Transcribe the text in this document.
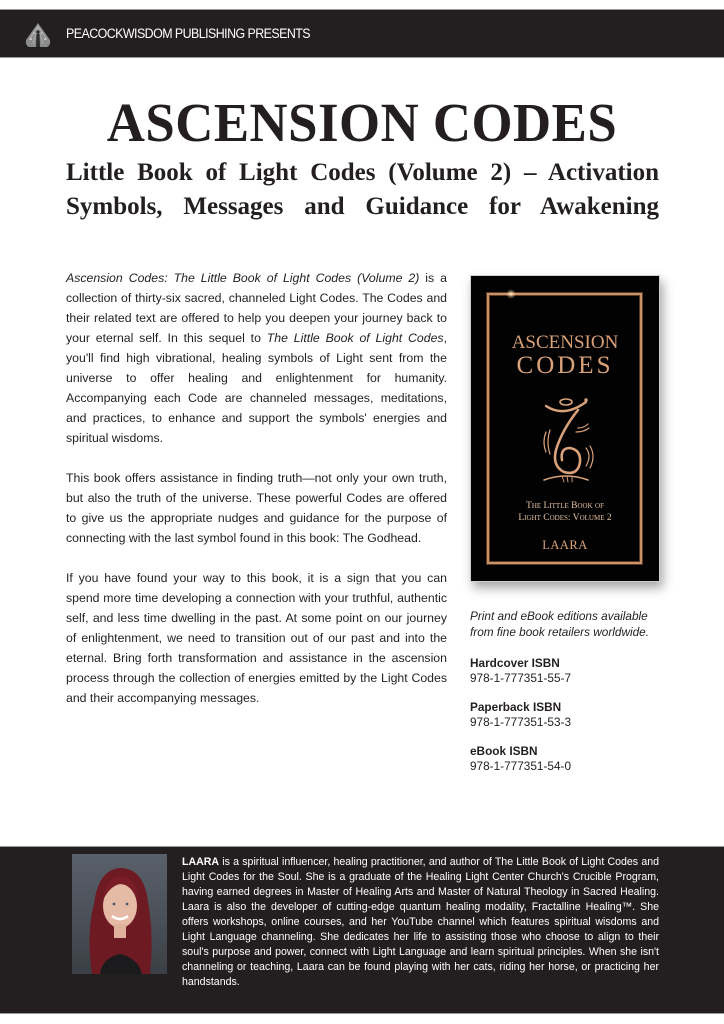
PEACOCKWISDOM PUBLISHING PRESENTS
ASCENSION CODES
Little Book of Light Codes (Volume 2) – Activation
Symbols, Messages and Guidance for Awakening

Ascension Codes: The Little Book of Light Codes (Volume 2) is a collection of thirty-six sacred, channeled Light Codes. The Codes and their related text are offered to help you deepen your journey back to your eternal self. In this sequel to The Little Book of Light Codes, you'll find high vibrational, healing symbols of Light sent from the universe to offer healing and enlightenment for humanity. Accompanying each Code are channeled messages, meditations, and practices, to enhance and support the symbols' energies and spiritual wisdoms.

This book offers assistance in finding truth—not only your own truth, but also the truth of the universe. These powerful Codes are offered to give us the appropriate nudges and guidance for the purpose of connecting with the last symbol found in this book: The Godhead.

If you have found your way to this book, it is a sign that you can spend more time developing a connection with your truthful, authentic self, and less time dwelling in the past. At some point on our journey of enlightenment, we need to transition out of our past and into the eternal. Bring forth transformation and assistance in the ascension process through the collection of energies emitted by the Light Codes and their accompanying messages.

ASCENSION
CODES
The Little Book of
Light Codes: Volume 2
LAARA
Print and eBook editions available
from fine book retailers worldwide.
Hardcover ISBN
978-1-777351-55-7
Paperback ISBN
978-1-777351-53-3
eBook ISBN
978-1-777351-54-0
LAARA is a spiritual influencer, healing practitioner, and author of The Little Book of Light Codes and Light Codes for the Soul. She is a graduate of the Healing Light Center Church's Crucible Program, having earned degrees in Master of Healing Arts and Master of Natural Theology in Sacred Healing. Laara is also the developer of cutting-edge quantum healing modality, Fractalline Healing™. She offers workshops, online courses, and her YouTube channel which features spiritual wisdoms and Light Language channeling. She dedicates her life to assisting those who choose to align to their soul's purpose and power, connect with Light Language and learn spiritual principles. When she isn't channeling or teaching, Laara can be found playing with her cats, riding her horse, or practicing her handstands.
